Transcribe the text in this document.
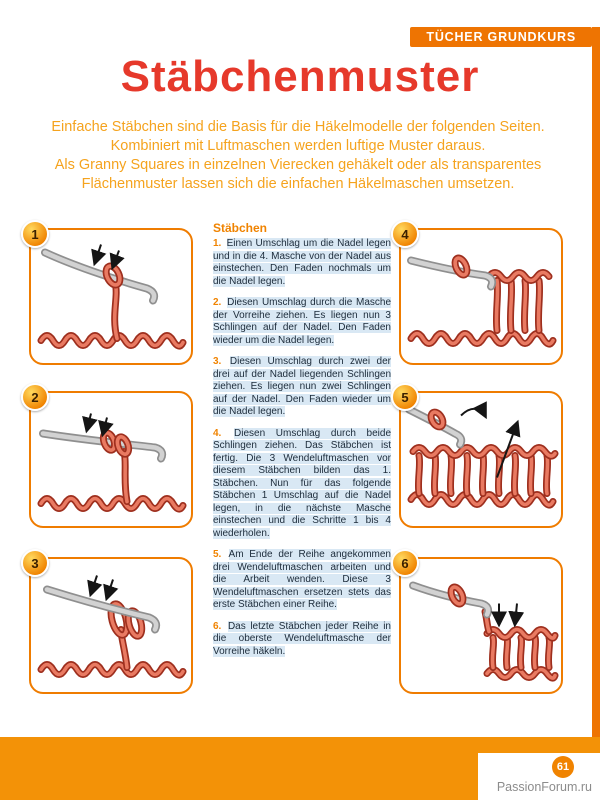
TÜCHER GRUNDKURS
Stäbchenmuster
Einfache Stäbchen sind die Basis für die Häkelmodelle der folgenden Seiten.
Kombiniert mit Luftmaschen werden luftige Muster daraus.
Als Granny Squares in einzelnen Vierecken gehäkelt oder als transparentes
Flächenmuster lassen sich die einfachen Häkelmaschen umsetzen.
1
2
3
4
5
6

Stäbchen

1. Einen Umschlag um die Nadel legen und in die 4. Masche von der Nadel aus einstechen. Den Faden nochmals um die Nadel legen.

2. Diesen Umschlag durch die Masche der Vorreihe ziehen. Es liegen nun 3 Schlingen auf der Nadel. Den Faden wieder um die Nadel legen.

3. Diesen Umschlag durch zwei der drei auf der Nadel liegenden Schlingen ziehen. Es liegen nun zwei Schlingen auf der Nadel. Den Faden wieder um die Nadel legen.

4. Diesen Umschlag durch beide Schlingen ziehen. Das Stäbchen ist fertig. Die 3 Wendeluftmaschen vor diesem Stäbchen bilden das 1. Stäbchen. Nun für das folgende Stäbchen 1 Umschlag auf die Nadel legen, in die nächste Masche einstechen und die Schritte 1 bis 4 wiederholen.

5. Am Ende der Reihe angekommen drei Wendeluftmaschen arbeiten und die Arbeit wenden. Diese 3 Wendeluftmaschen ersetzen stets das erste Stäbchen einer Reihe.

6. Das letzte Stäbchen jeder Reihe in die oberste Wendeluftmasche der Vorreihe häkeln.

61
PassionForum.ru
